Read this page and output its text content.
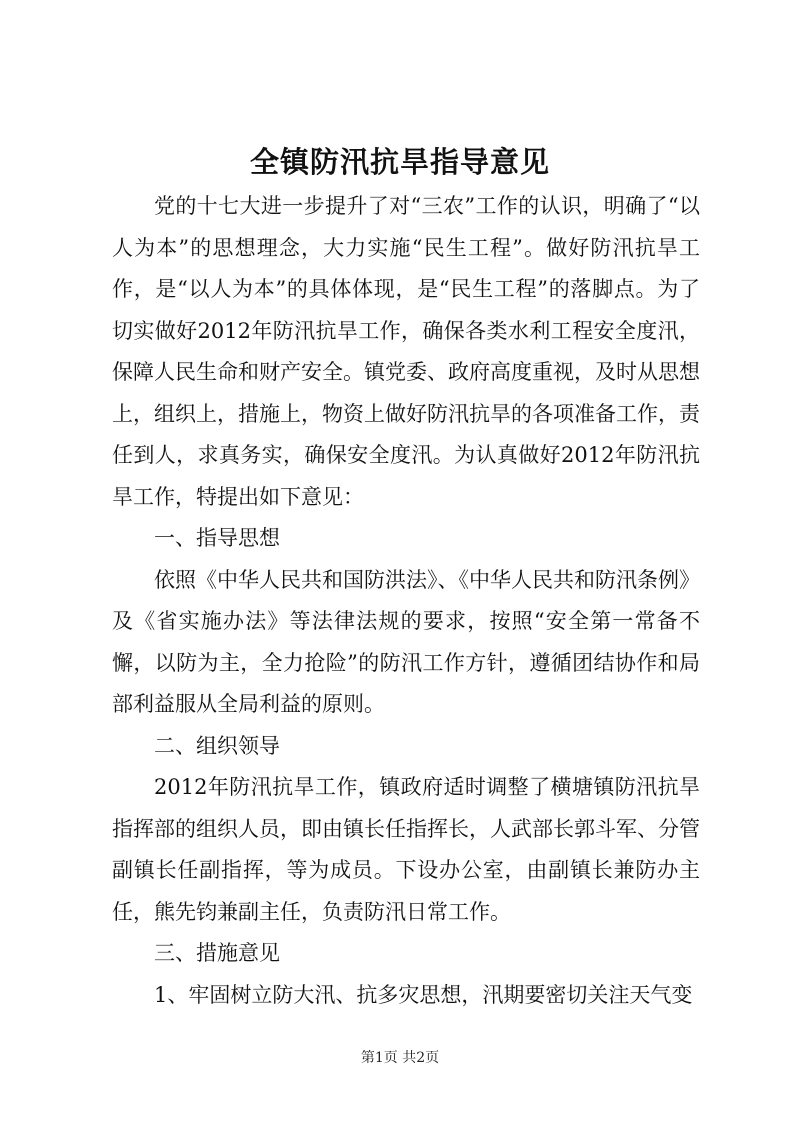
全镇防汛抗旱指导意见

党的十七大进一步提升了对“三农”工作的认识，明确了“以人为本”的思想理念，大力实施“民生工程”。做好防汛抗旱工作，是“以人为本”的具体体现，是“民生工程”的落脚点。为了切实做好2012年防汛抗旱工作，确保各类水利工程安全度汛，保障人民生命和财产安全。镇党委、政府高度重视，及时从思想上，组织上，措施上，物资上做好防汛抗旱的各项准备工作，责任到人，求真务实，确保安全度汛。为认真做好2012年防汛抗旱工作，特提出如下意见：

一、指导思想

依照《中华人民共和国防洪法》、《中华人民共和防汛条例》及《省实施办法》等法律法规的要求，按照“安全第一常备不懈，以防为主，全力抢险”的防汛工作方针，遵循团结协作和局部利益服从全局利益的原则。

二、组织领导

2012年防汛抗旱工作，镇政府适时调整了横塘镇防汛抗旱指挥部的组织人员，即由镇长任指挥长，人武部长郭斗军、分管副镇长任副指挥，等为成员。下设办公室，由副镇长兼防办主任，熊先钧兼副主任，负责防汛日常工作。

三、措施意见

1、牢固树立防大汛、抗多灾思想，汛期要密切关注天气变

第1页 共2页
